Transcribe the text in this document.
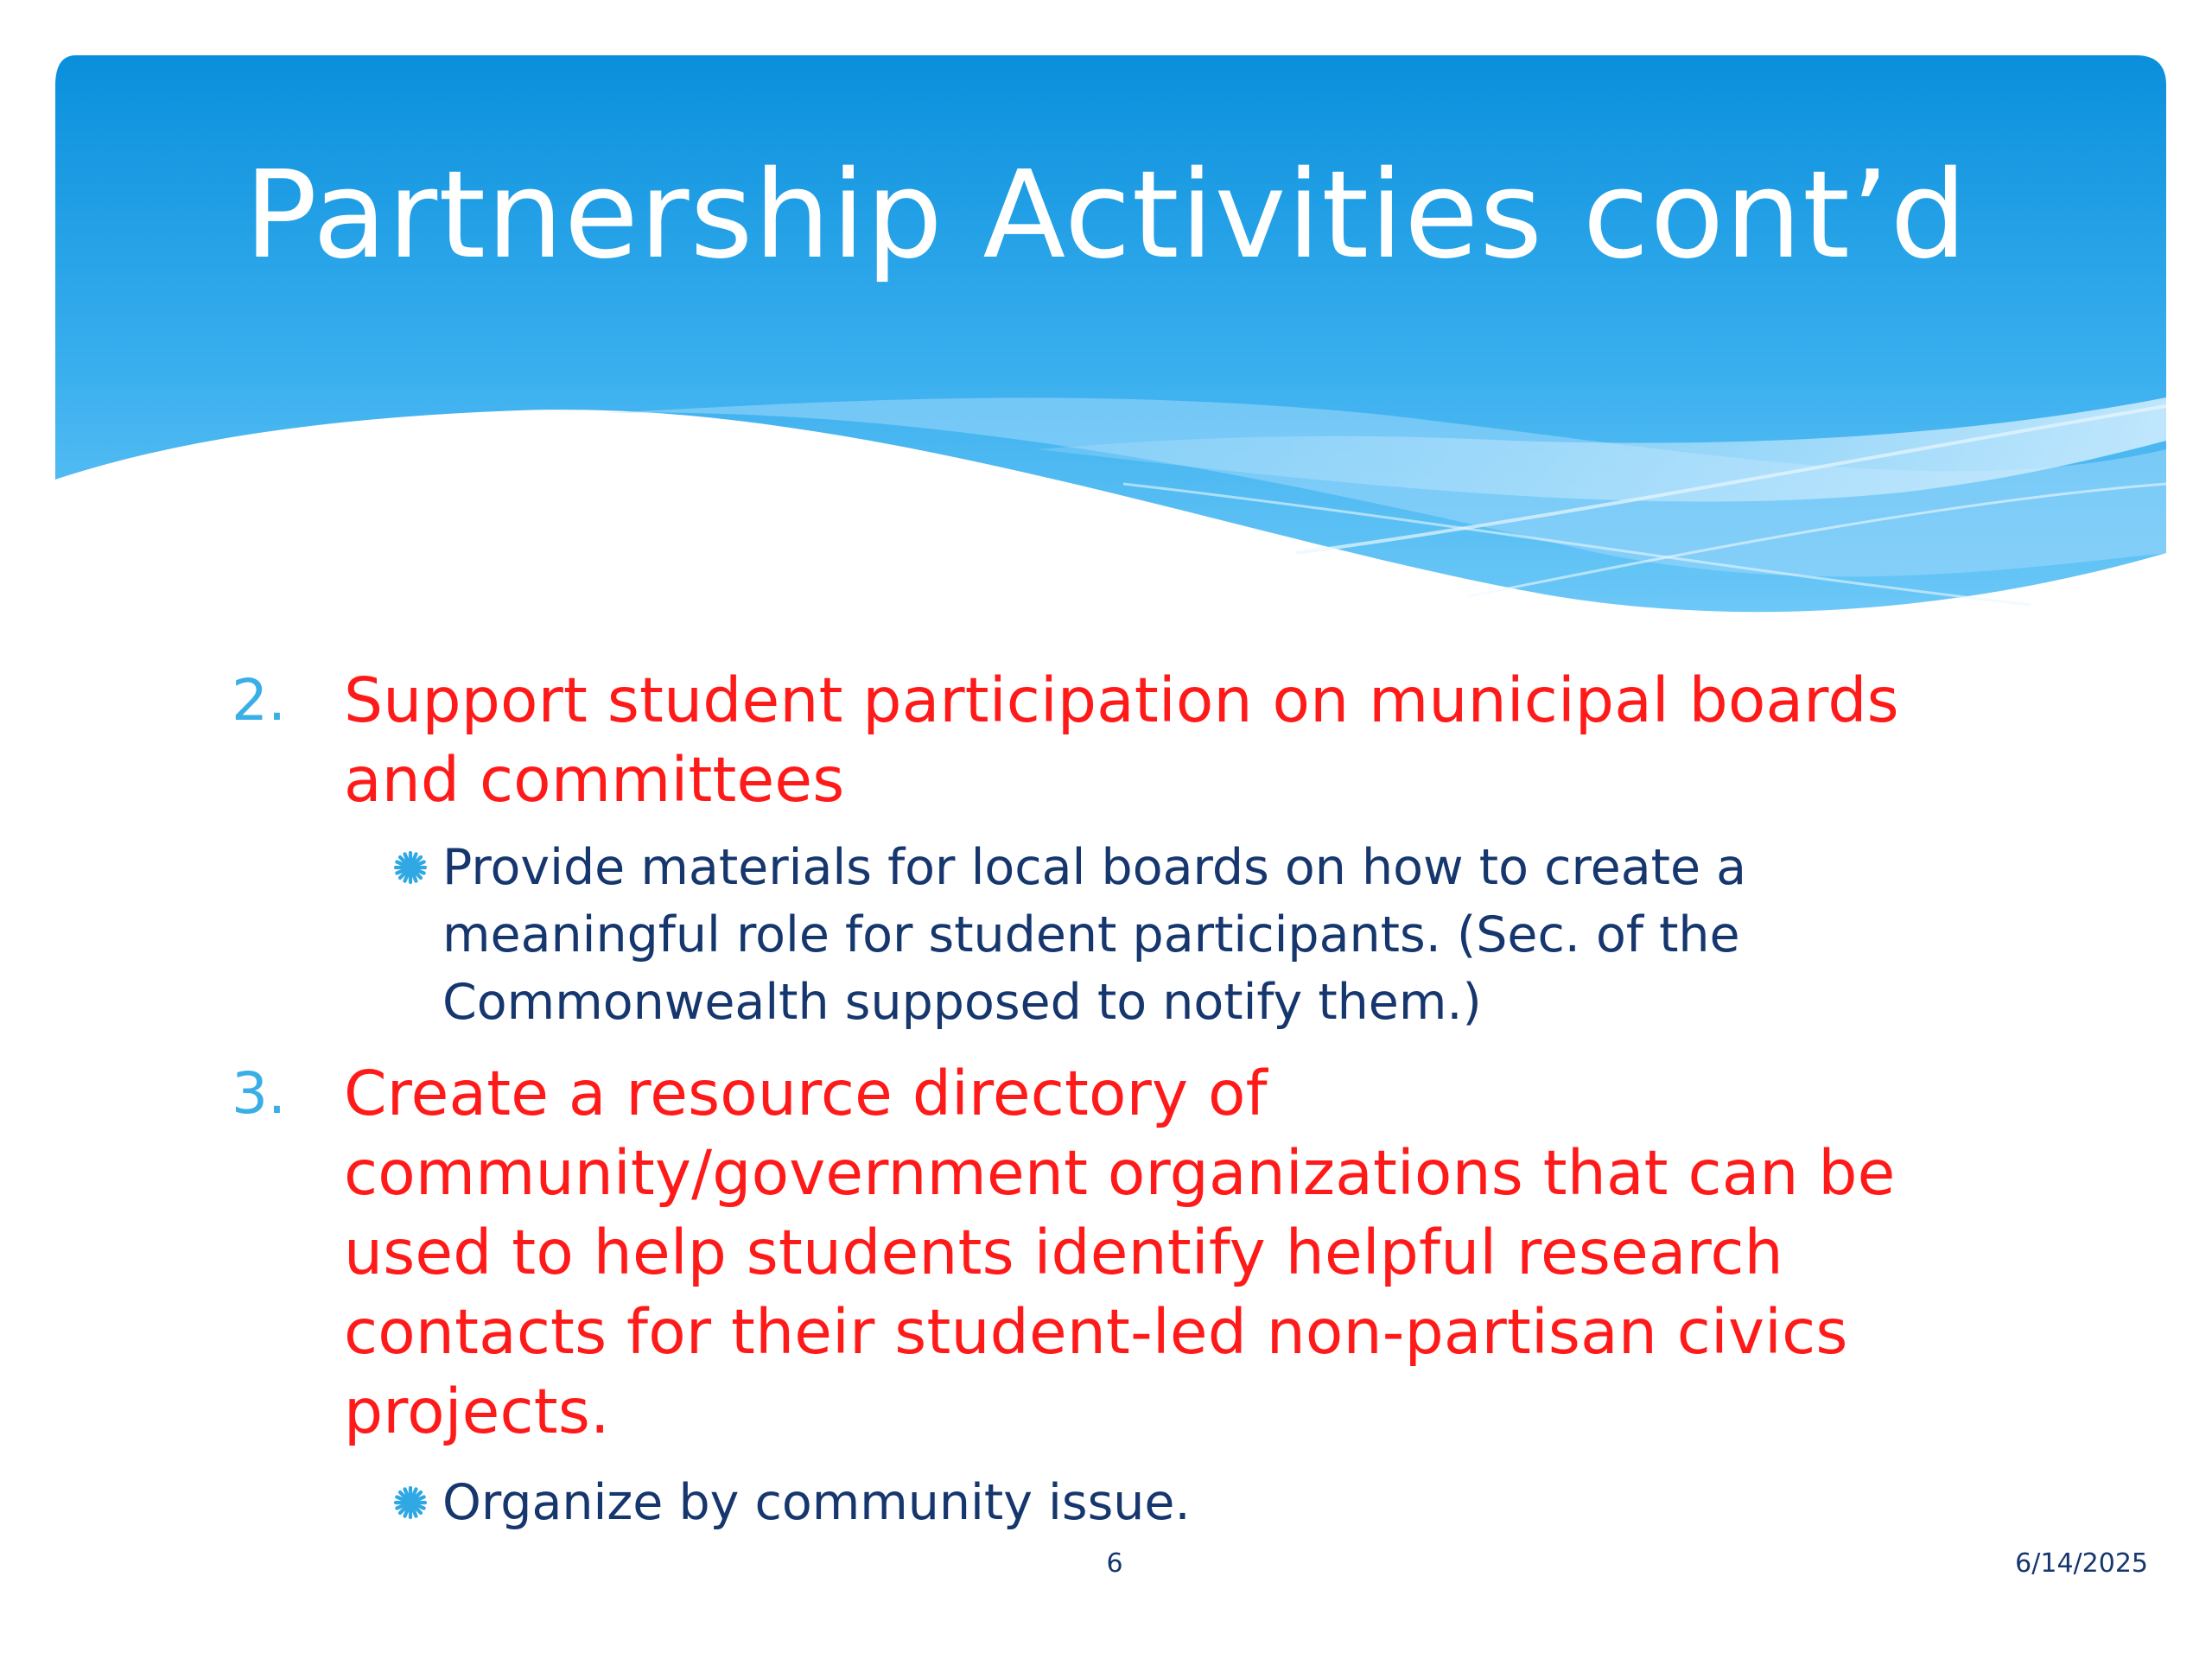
Partnership Activities cont’d
2. Support student participation on municipal boards and committees
Provide materials for local boards on how to create a meaningful role for student participants. (Sec. of the Commonwealth supposed to notify them.)
3. Create a resource directory of community/government organizations that can be used to help students identify helpful research contacts for their student-led non-partisan civics projects.
Organize by community issue.
6	6/14/2025
